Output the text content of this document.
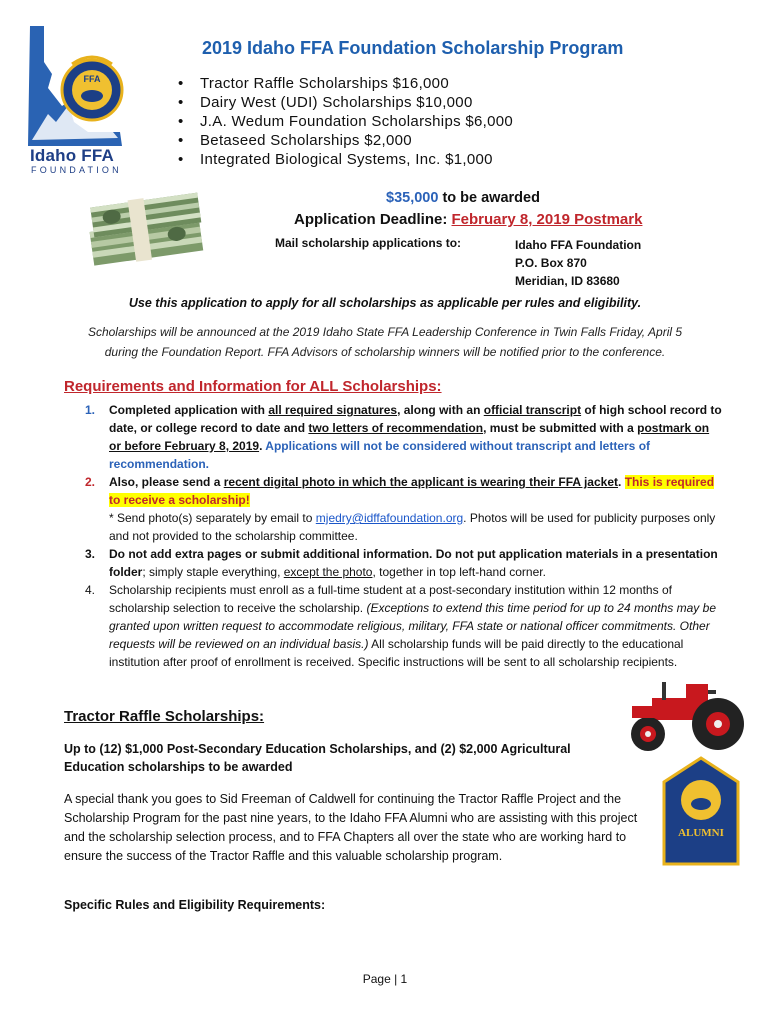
FFA
Idaho FFA
FOUNDATION
2019 Idaho FFA Foundation Scholarship Program
• Tractor Raffle Scholarships $16,000
• Dairy West (UDI) Scholarships $10,000
• J.A. Wedum Foundation Scholarships $6,000
• Betaseed Scholarships $2,000
• Integrated Biological Systems, Inc. $1,000
$35,000 to be awarded
Application Deadline: February 8, 2019 Postmark
Mail scholarship applications to:	Idaho FFA Foundation
P.O. Box 870
Meridian, ID 83680
Use this application to apply for all scholarships as applicable per rules and eligibility.
Scholarships will be announced at the 2019 Idaho State FFA Leadership Conference in Twin Falls Friday, April 5
during the Foundation Report. FFA Advisors of scholarship winners will be notified prior to the conference.
Requirements and Information for ALL Scholarships:
1. Completed application with all required signatures, along with an official transcript of high school record to date, or college record to date and two letters of recommendation, must be submitted with a postmark on or before February 8, 2019. Applications will not be considered without transcript and letters of recommendation.
2. Also, please send a recent digital photo in which the applicant is wearing their FFA jacket. This is required to receive a scholarship!
* Send photo(s) separately by email to mjedry@idffafoundation.org. Photos will be used for publicity purposes only and not provided to the scholarship committee.
3. Do not add extra pages or submit additional information. Do not put application materials in a presentation folder; simply staple everything, except the photo, together in top left-hand corner.
4. Scholarship recipients must enroll as a full-time student at a post-secondary institution within 12 months of scholarship selection to receive the scholarship. (Exceptions to extend this time period for up to 24 months may be granted upon written request to accommodate religious, military, FFA state or national officer commitments. Other requests will be reviewed on an individual basis.) All scholarship funds will be paid directly to the educational institution after proof of enrollment is received. Specific instructions will be sent to all scholarship recipients.
ALUMNI
Tractor Raffle Scholarships:
Up to (12) $1,000 Post-Secondary Education Scholarships, and (2) $2,000 Agricultural Education scholarships to be awarded
A special thank you goes to Sid Freeman of Caldwell for continuing the Tractor Raffle Project and the Scholarship Program for the past nine years, to the Idaho FFA Alumni who are assisting with this project and the scholarship selection process, and to FFA Chapters all over the state who are working hard to ensure the success of the Tractor Raffle and this valuable scholarship program.
Specific Rules and Eligibility Requirements:
Page | 1
